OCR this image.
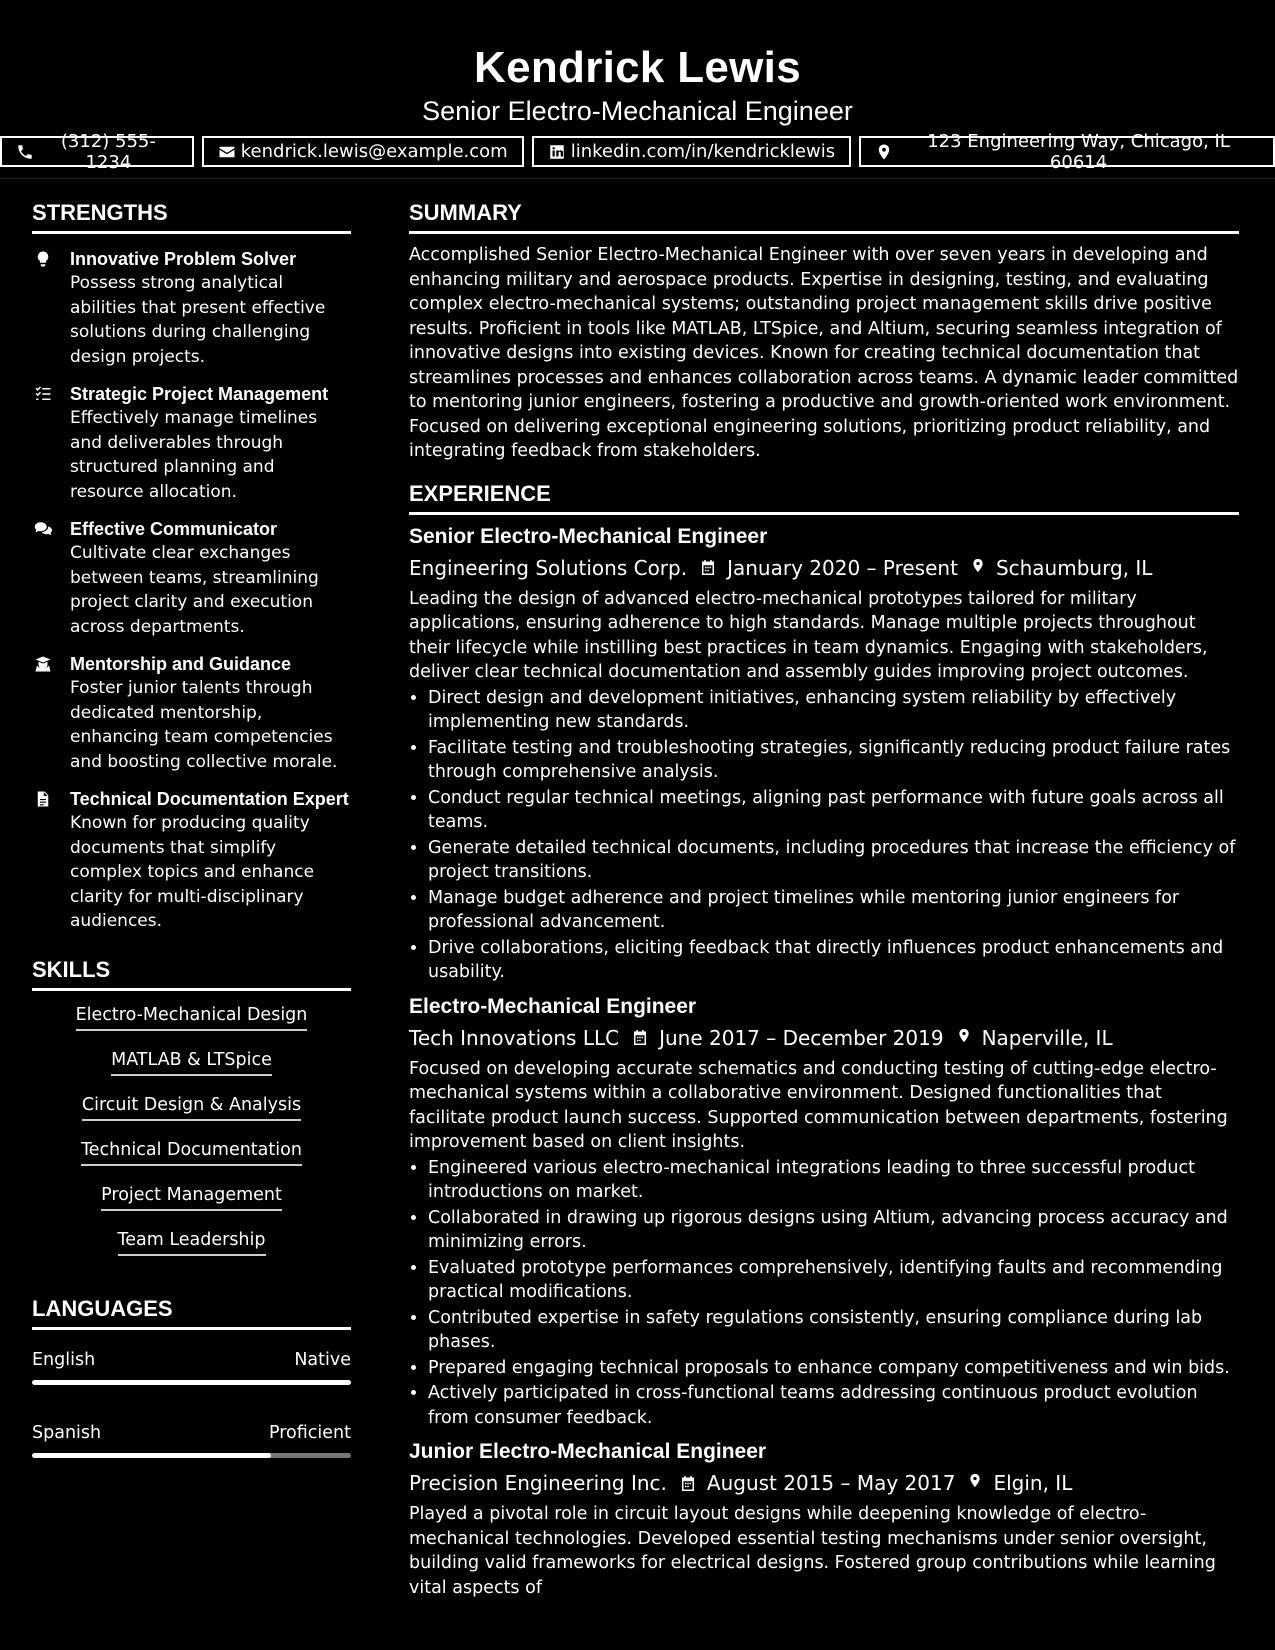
Kendrick Lewis
Senior Electro-Mechanical Engineer
(312) 555-1234	kendrick.lewis@example.com	linkedin.com/in/kendricklewis	123 Engineering Way, Chicago, IL 60614
STRENGTHS
Innovative Problem Solver
Possess strong analytical abilities that present effective solutions during challenging design projects.
Strategic Project Management
Effectively manage timelines and deliverables through structured planning and resource allocation.
Effective Communicator
Cultivate clear exchanges between teams, streamlining project clarity and execution across departments.
Mentorship and Guidance
Foster junior talents through dedicated mentorship, enhancing team competencies and boosting collective morale.
Technical Documentation Expert
Known for producing quality documents that simplify complex topics and enhance clarity for multi-disciplinary audiences.
SKILLS
Electro-Mechanical Design
MATLAB & LTSpice
Circuit Design & Analysis
Technical Documentation
Project Management
Team Leadership
LANGUAGES
English	Native
Spanish	Proficient
SUMMARY
Accomplished Senior Electro-Mechanical Engineer with over seven years in developing and enhancing military and aerospace products. Expertise in designing, testing, and evaluating complex electro-mechanical systems; outstanding project management skills drive positive results. Proficient in tools like MATLAB, LTSpice, and Altium, securing seamless integration of innovative designs into existing devices. Known for creating technical documentation that streamlines processes and enhances collaboration across teams. A dynamic leader committed to mentoring junior engineers, fostering a productive and growth-oriented work environment. Focused on delivering exceptional engineering solutions, prioritizing product reliability, and integrating feedback from stakeholders.
EXPERIENCE
Senior Electro-Mechanical Engineer
Engineering Solutions Corp. January 2020 – Present Schaumburg, IL
Leading the design of advanced electro-mechanical prototypes tailored for military applications, ensuring adherence to high standards. Manage multiple projects throughout their lifecycle while instilling best practices in team dynamics. Engaging with stakeholders, deliver clear technical documentation and assembly guides improving project outcomes.
• Direct design and development initiatives, enhancing system reliability by effectively implementing new standards.
• Facilitate testing and troubleshooting strategies, significantly reducing product failure rates through comprehensive analysis.
• Conduct regular technical meetings, aligning past performance with future goals across all teams.
• Generate detailed technical documents, including procedures that increase the efficiency of project transitions.
• Manage budget adherence and project timelines while mentoring junior engineers for professional advancement.
• Drive collaborations, eliciting feedback that directly influences product enhancements and usability.
Electro-Mechanical Engineer
Tech Innovations LLC June 2017 – December 2019 Naperville, IL
Focused on developing accurate schematics and conducting testing of cutting-edge electro-mechanical systems within a collaborative environment. Designed functionalities that facilitate product launch success. Supported communication between departments, fostering improvement based on client insights.
• Engineered various electro-mechanical integrations leading to three successful product introductions on market.
• Collaborated in drawing up rigorous designs using Altium, advancing process accuracy and minimizing errors.
• Evaluated prototype performances comprehensively, identifying faults and recommending practical modifications.
• Contributed expertise in safety regulations consistently, ensuring compliance during lab phases.
• Prepared engaging technical proposals to enhance company competitiveness and win bids.
• Actively participated in cross-functional teams addressing continuous product evolution from consumer feedback.
Junior Electro-Mechanical Engineer
Precision Engineering Inc. August 2015 – May 2017 Elgin, IL
Played a pivotal role in circuit layout designs while deepening knowledge of electro-mechanical technologies. Developed essential testing mechanisms under senior oversight, building valid frameworks for electrical designs. Fostered group contributions while learning vital aspects of
